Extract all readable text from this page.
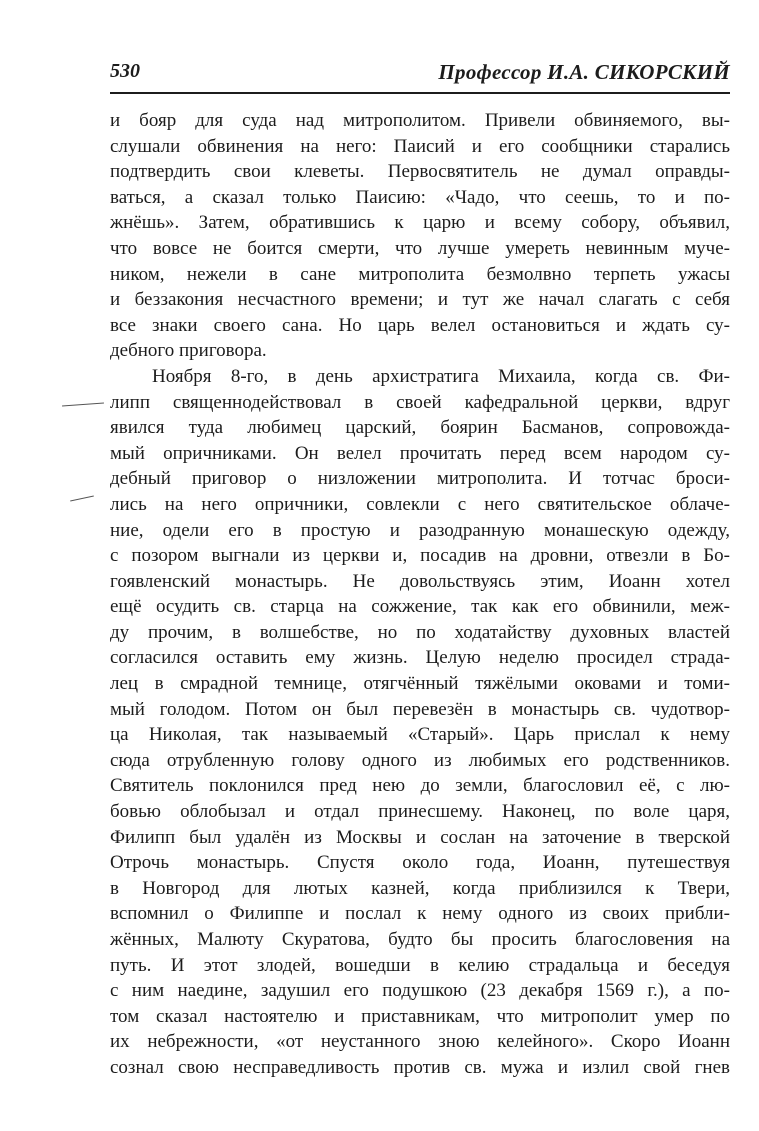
530	Профессор И.А. СИКОРСКИЙ
и бояр для суда над митрополитом. Привели обвиняемого, вы-
слушали обвинения на него: Паисий и его сообщники старались
подтвердить свои клеветы. Первосвятитель не думал оправды-
ваться, а сказал только Паисию: «Чадо, что сеешь, то и по-
жнёшь». Затем, обратившись к царю и всему собору, объявил,
что вовсе не боится смерти, что лучше умереть невинным муче-
ником, нежели в сане митрополита безмолвно терпеть ужасы
и беззакония несчастного времени; и тут же начал слагать с себя
все знаки своего сана. Но царь велел остановиться и ждать су-
дебного приговора.
Ноября 8-го, в день архистратига Михаила, когда св. Фи-
липп священнодействовал в своей кафедральной церкви, вдруг
явился туда любимец царский, боярин Басманов, сопровожда-
мый опричниками. Он велел прочитать перед всем народом су-
дебный приговор о низложении митрополита. И тотчас броси-
лись на него опричники, совлекли с него святительское облаче-
ние, одели его в простую и разодранную монашескую одежду,
с позором выгнали из церкви и, посадив на дровни, отвезли в Бо-
гоявленский монастырь. Не довольствуясь этим, Иоанн хотел
ещё осудить св. старца на сожжение, так как его обвинили, меж-
ду прочим, в волшебстве, но по ходатайству духовных властей
согласился оставить ему жизнь. Целую неделю просидел страда-
лец в смрадной темнице, отягчённый тяжёлыми оковами и томи-
мый голодом. Потом он был перевезён в монастырь св. чудотвор-
ца Николая, так называемый «Старый». Царь прислал к нему
сюда отрубленную голову одного из любимых его родственников.
Святитель поклонился пред нею до земли, благословил её, с лю-
бовью облобызал и отдал принесшему. Наконец, по воле царя,
Филипп был удалён из Москвы и сослан на заточение в тверской
Отрочь монастырь. Спустя около года, Иоанн, путешествуя
в Новгород для лютых казней, когда приблизился к Твери,
вспомнил о Филиппе и послал к нему одного из своих прибли-
жённых, Малюту Скуратова, будто бы просить благословения на
путь. И этот злодей, вошедши в келию страдальца и беседуя
с ним наедине, задушил его подушкою (23 декабря 1569 г.), а по-
том сказал настоятелю и приставникам, что митрополит умер по
их небрежности, «от неустанного зною келейного». Скоро Иоанн
сознал свою несправедливость против св. мужа и излил свой гнев
